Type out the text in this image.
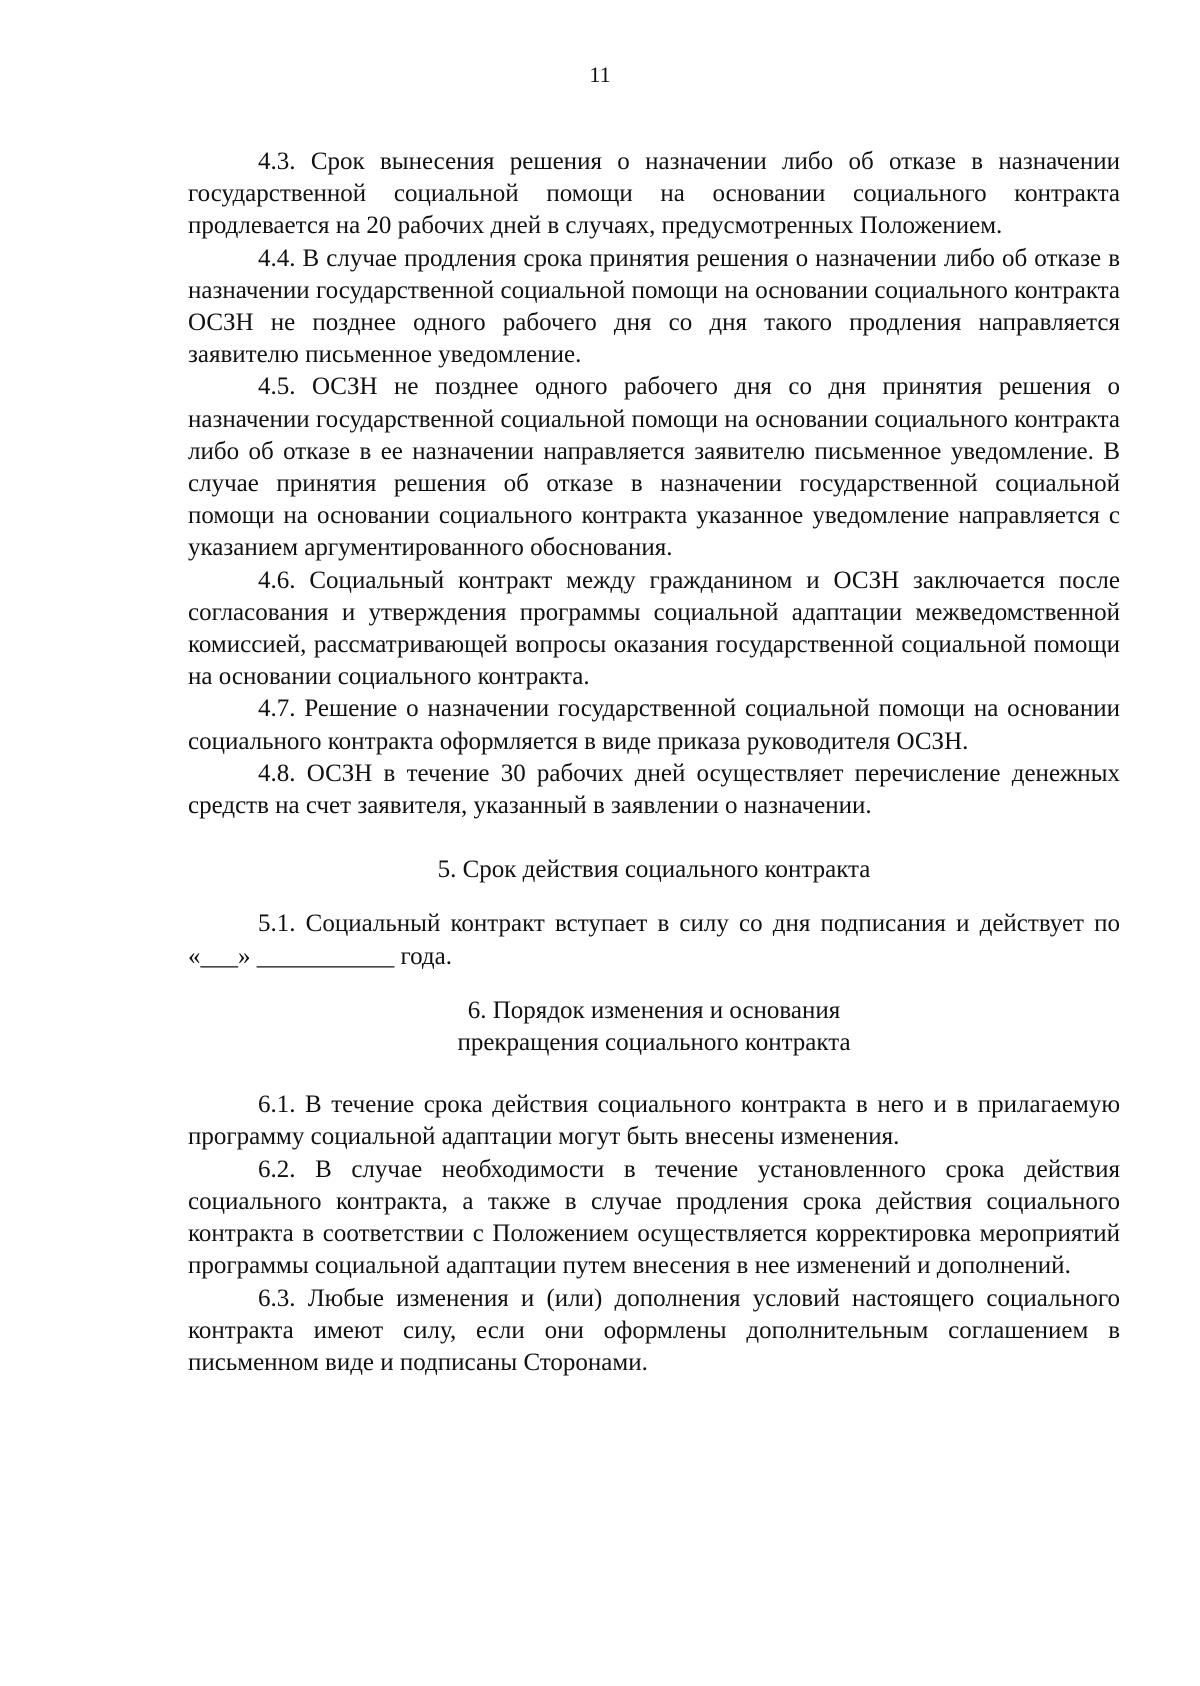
11

4.3. Срок вынесения решения о назначении либо об отказе в назначении государственной социальной помощи на основании социального контракта продлевается на 20 рабочих дней в случаях, предусмотренных Положением.

4.4. В случае продления срока принятия решения о назначении либо об отказе в назначении государственной социальной помощи на основании социального контракта ОСЗН не позднее одного рабочего дня со дня такого продления направляется заявителю письменное уведомление.

4.5. ОСЗН не позднее одного рабочего дня со дня принятия решения о назначении государственной социальной помощи на основании социального контракта либо об отказе в ее назначении направляется заявителю письменное уведомление. В случае принятия решения об отказе в назначении государственной социальной помощи на основании социального контракта указанное уведомление направляется с указанием аргументированного обоснования.

4.6. Социальный контракт между гражданином и ОСЗН заключается после согласования и утверждения программы социальной адаптации межведомственной комиссией, рассматривающей вопросы оказания государственной социальной помощи на основании социального контракта.

4.7. Решение о назначении государственной социальной помощи на основании социального контракта оформляется в виде приказа руководителя ОСЗН.

4.8. ОСЗН в течение 30 рабочих дней осуществляет перечисление денежных средств на счет заявителя, указанный в заявлении о назначении.

5. Срок действия социального контракта

5.1. Социальный контракт вступает в силу со дня подписания и действует по «___» ___________ года.

6. Порядок изменения и основания

прекращения социального контракта

6.1. В течение срока действия социального контракта в него и в прилагаемую программу социальной адаптации могут быть внесены изменения.

6.2. В случае необходимости в течение установленного срока действия социального контракта, а также в случае продления срока действия социального контракта в соответствии с Положением осуществляется корректировка мероприятий программы социальной адаптации путем внесения в нее изменений и дополнений.

6.3. Любые изменения и (или) дополнения условий настоящего социального контракта имеют силу, если они оформлены дополнительным соглашением в письменном виде и подписаны Сторонами.
